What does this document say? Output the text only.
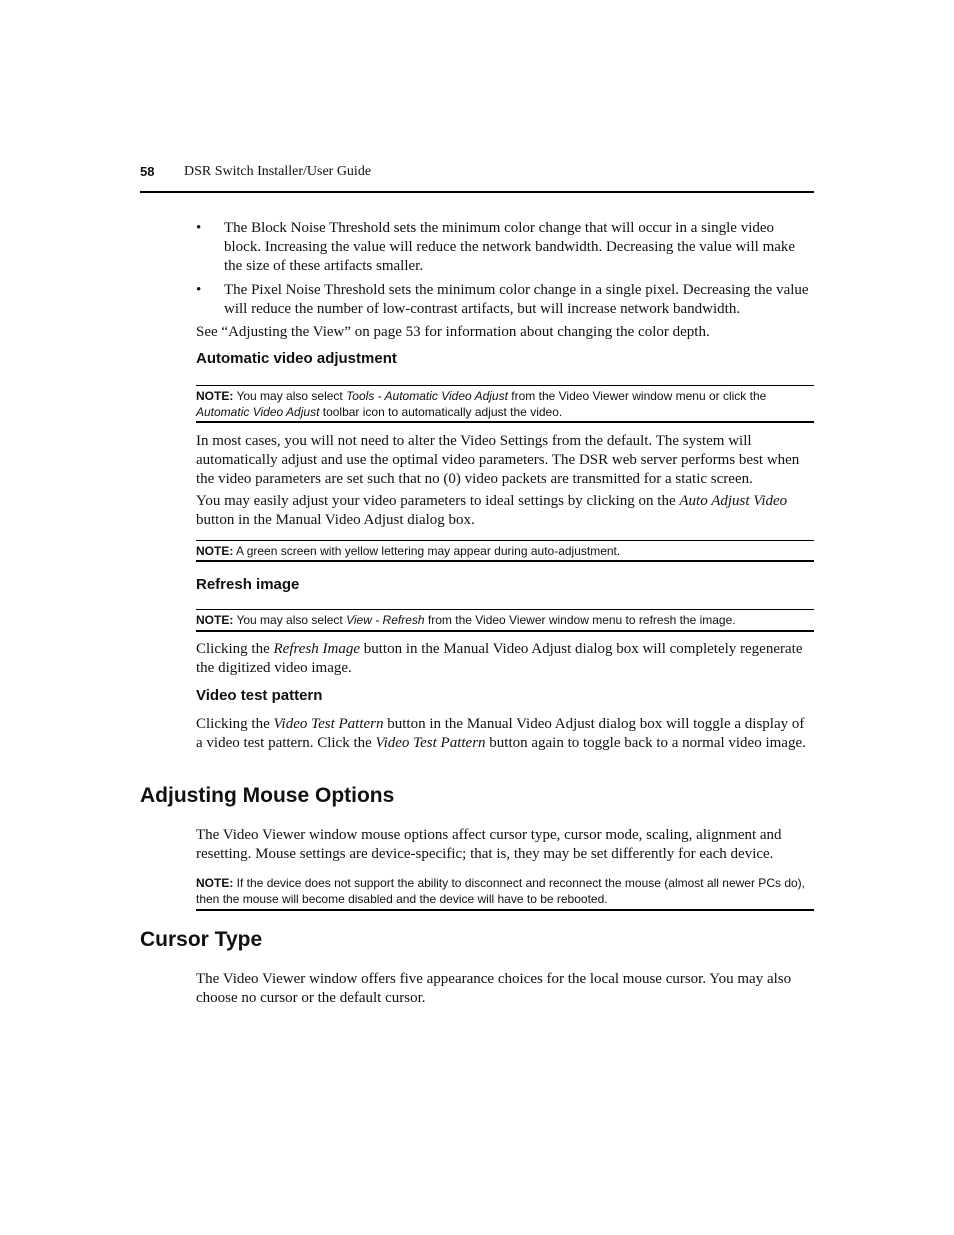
58 DSR Switch Installer/User Guide
• The Block Noise Threshold sets the minimum color change that will occur in a single video block. Increasing the value will reduce the network bandwidth. Decreasing the value will make the size of these artifacts smaller.
• The Pixel Noise Threshold sets the minimum color change in a single pixel. Decreasing the value will reduce the number of low-contrast artifacts, but will increase network bandwidth.
See “Adjusting the View” on page 53 for information about changing the color depth.
Automatic video adjustment
NOTE: You may also select Tools - Automatic Video Adjust from the Video Viewer window menu or click the Automatic Video Adjust toolbar icon to automatically adjust the video.
In most cases, you will not need to alter the Video Settings from the default. The system will automatically adjust and use the optimal video parameters. The DSR web server performs best when the video parameters are set such that no (0) video packets are transmitted for a static screen.
You may easily adjust your video parameters to ideal settings by clicking on the Auto Adjust Video button in the Manual Video Adjust dialog box.
NOTE: A green screen with yellow lettering may appear during auto-adjustment.
Refresh image
NOTE: You may also select View - Refresh from the Video Viewer window menu to refresh the image.
Clicking the Refresh Image button in the Manual Video Adjust dialog box will completely regenerate the digitized video image.
Video test pattern
Clicking the Video Test Pattern button in the Manual Video Adjust dialog box will toggle a display of a video test pattern. Click the Video Test Pattern button again to toggle back to a normal video image.
Adjusting Mouse Options
The Video Viewer window mouse options affect cursor type, cursor mode, scaling, alignment and resetting. Mouse settings are device-specific; that is, they may be set differently for each device.
NOTE: If the device does not support the ability to disconnect and reconnect the mouse (almost all newer PCs do), then the mouse will become disabled and the device will have to be rebooted.
Cursor Type
The Video Viewer window offers five appearance choices for the local mouse cursor. You may also choose no cursor or the default cursor.
